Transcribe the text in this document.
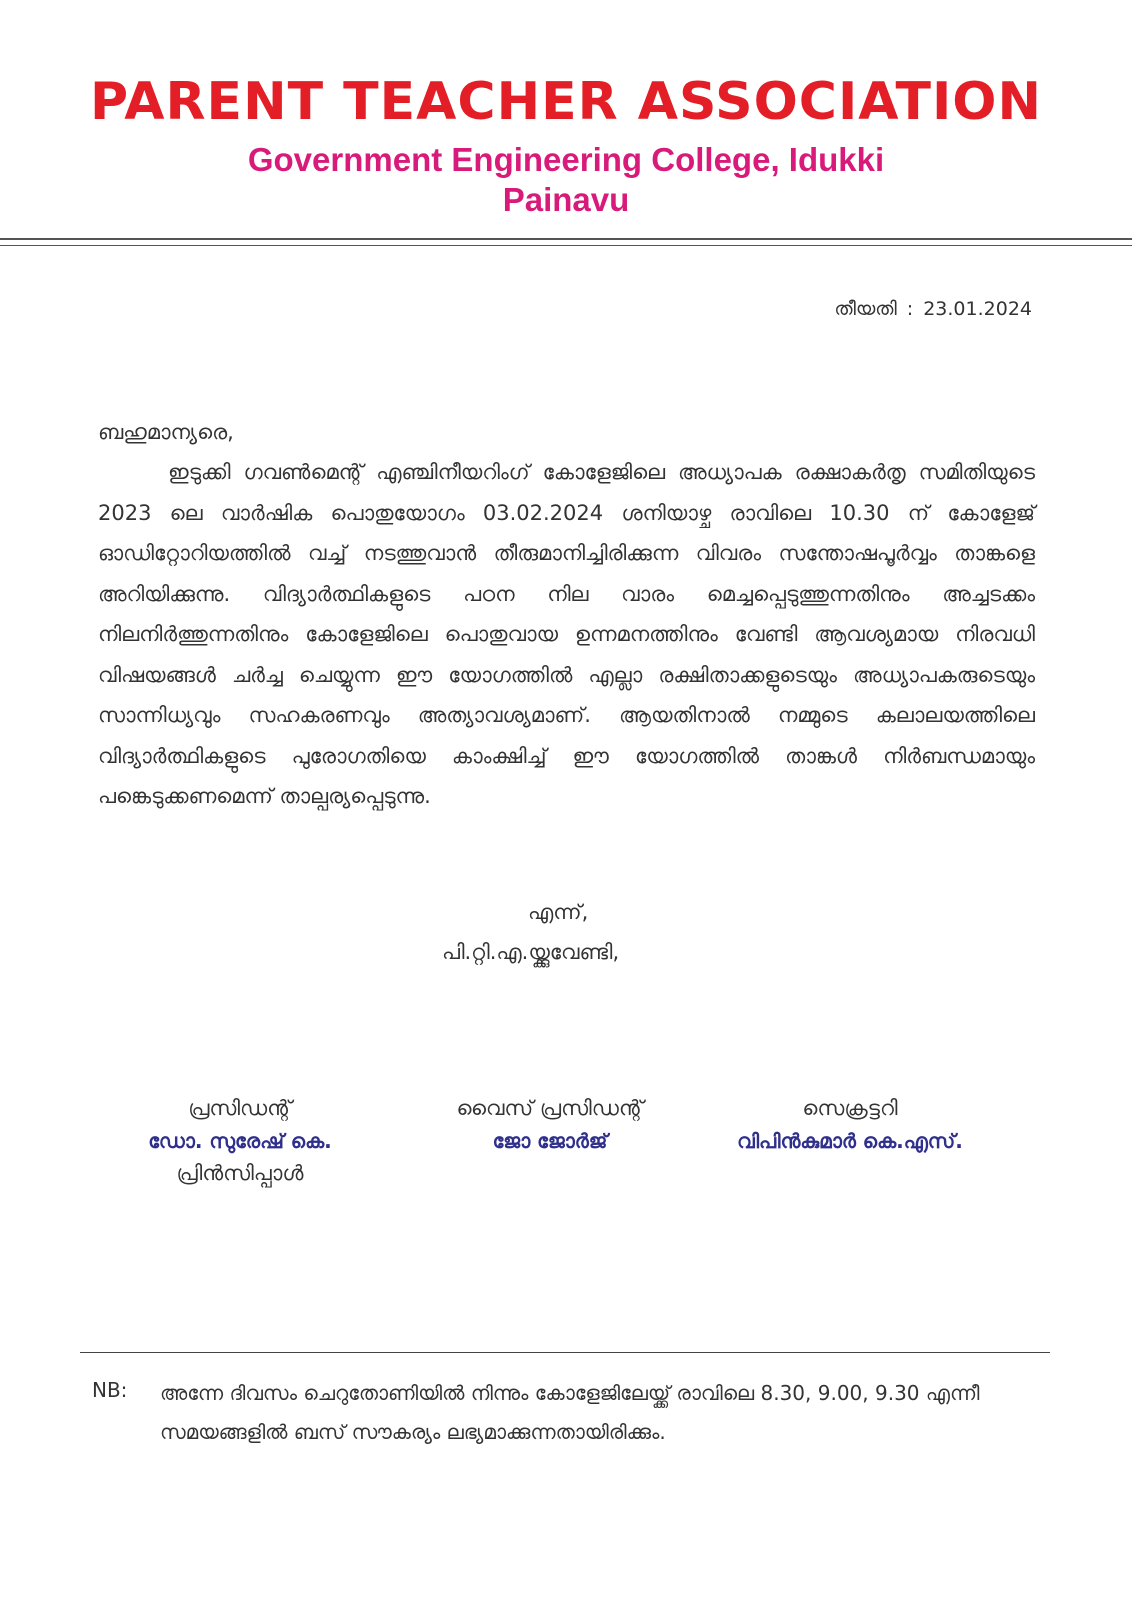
PARENT TEACHER ASSOCIATION
Government Engineering College, Idukki
Painavu
തീയതി : 23.01.2024
ബഹുമാന്യരെ,

ഇടുക്കി ഗവൺമെന്റ് എഞ്ചിനീയറിംഗ് കോളേജിലെ അധ്യാപക രക്ഷാകർതൃ സമിതിയുടെ 2023 ലെ വാർഷിക പൊതുയോഗം 03.02.2024 ശനിയാഴ്ച രാവിലെ 10.30 ന് കോളേജ് ഓഡിറ്റോറിയത്തിൽ വച്ച് നടത്തുവാൻ തീരുമാനിച്ചിരിക്കുന്ന വിവരം സന്തോഷപൂർവ്വം താങ്കളെ അറിയിക്കുന്നു. വിദ്യാർത്ഥികളുടെ പഠന നില വാരം മെച്ചപ്പെടുത്തുന്നതിനും അച്ചടക്കം നിലനിർത്തുന്നതിനും കോളേജിലെ പൊതുവായ ഉന്നമനത്തിനും വേണ്ടി ആവശ്യമായ നിരവധി വിഷയങ്ങൾ ചർച്ച ചെയ്യുന്ന ഈ യോഗത്തിൽ എല്ലാ രക്ഷിതാക്കളുടെയും അധ്യാപകരുടെയും സാന്നിധ്യവും സഹകരണവും അത്യാവശ്യമാണ്. ആയതിനാൽ നമ്മുടെ കലാലയത്തിലെ വിദ്യാർത്ഥികളുടെ പുരോഗതിയെ കാംക്ഷിച്ച് ഈ യോഗത്തിൽ താങ്കൾ നിർബന്ധമായും പങ്കെടുക്കണമെന്ന് താല്പര്യപ്പെടുന്നു.

എന്ന്,
പി.റ്റി.എ.യ്ക്കുവേണ്ടി,
പ്രസിഡന്റ്
ഡോ. സുരേഷ് കെ.
പ്രിൻസിപ്പാൾ
വൈസ് പ്രസിഡന്റ്
ജോ ജോർജ്
സെക്രട്ടറി
വിപിൻകുമാർ കെ.എസ്.
NB: അന്നേ ദിവസം ചെറുതോണിയിൽ നിന്നും കോളേജിലേയ്ക്ക് രാവിലെ 8.30, 9.00, 9.30 എന്നീ സമയങ്ങളിൽ ബസ് സൗകര്യം ലഭ്യമാക്കുന്നതായിരിക്കും.
